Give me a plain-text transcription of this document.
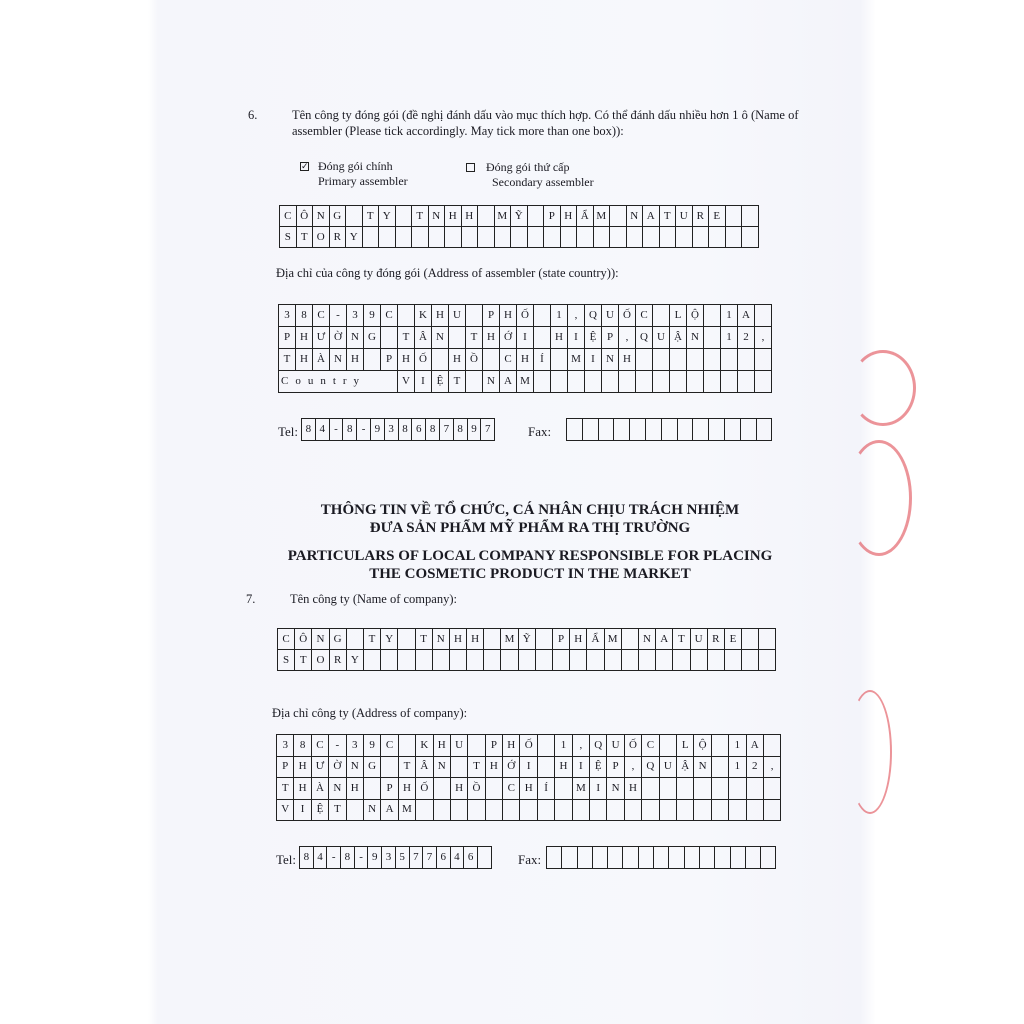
6.	Tên công ty đóng gói (đề nghị đánh dấu vào mục thích hợp. Có thể đánh dấu nhiều hơn 1 ô (Name of
assembler (Please tick accordingly. May tick more than one box)):
✓ Đóng gói chính
Primary assembler
Đóng gói thứ cấp
Secondary assembler
C Ô N G	T Y	T N H H	M Ỹ	P H Ẩ M	N A T U R E
S T O R Y
Địa chỉ của công ty đóng gói (Address of assembler (state country)):
3	8 C	-	3	9 C	K H U	P H Ố	1	,	Q U Ố C	L Ộ	1 A
P H Ư Ờ N G	T Â N	T H Ớ	I	H	I	Ệ P	,	Q U Ậ N	1	2	,
T H À N H	P H Ố	H Ồ	C H	Í	M I	N H
Country	V	I	Ệ T	N A M
Tel: 8 4 - 8 - 9 3 8 6 8 7 8 9 7	Fax:
THÔNG TIN VỀ TỔ CHỨC, CÁ NHÂN CHỊU TRÁCH NHIỆM
ĐƯA SẢN PHẨM MỸ PHẨM RA THỊ TRƯỜNG
PARTICULARS OF LOCAL COMPANY RESPONSIBLE FOR PLACING
THE COSMETIC PRODUCT IN THE MARKET
7.	Tên công ty (Name of company):
C Ô N G	T Y	T N H H	M Ỹ	P H Ẩ M	N A T U R E
S T O R Y
Địa chỉ công ty (Address of company):
3	8 C	-	3	9 C	K H U	P H Ố	1	,	Q U Ố C	L Ộ	1 A
P H Ư Ờ N G	T Â N	T H Ớ	I	H	I	Ệ P	,	Q U Ậ N	1	2	,
T H À N H	P H Ố	H Ồ	C H	Í	M I	N H
V	I	Ệ T	N A M
Tel: 8 4 - 8 - 9 3 5 7 7 6 4 6	Fax:
